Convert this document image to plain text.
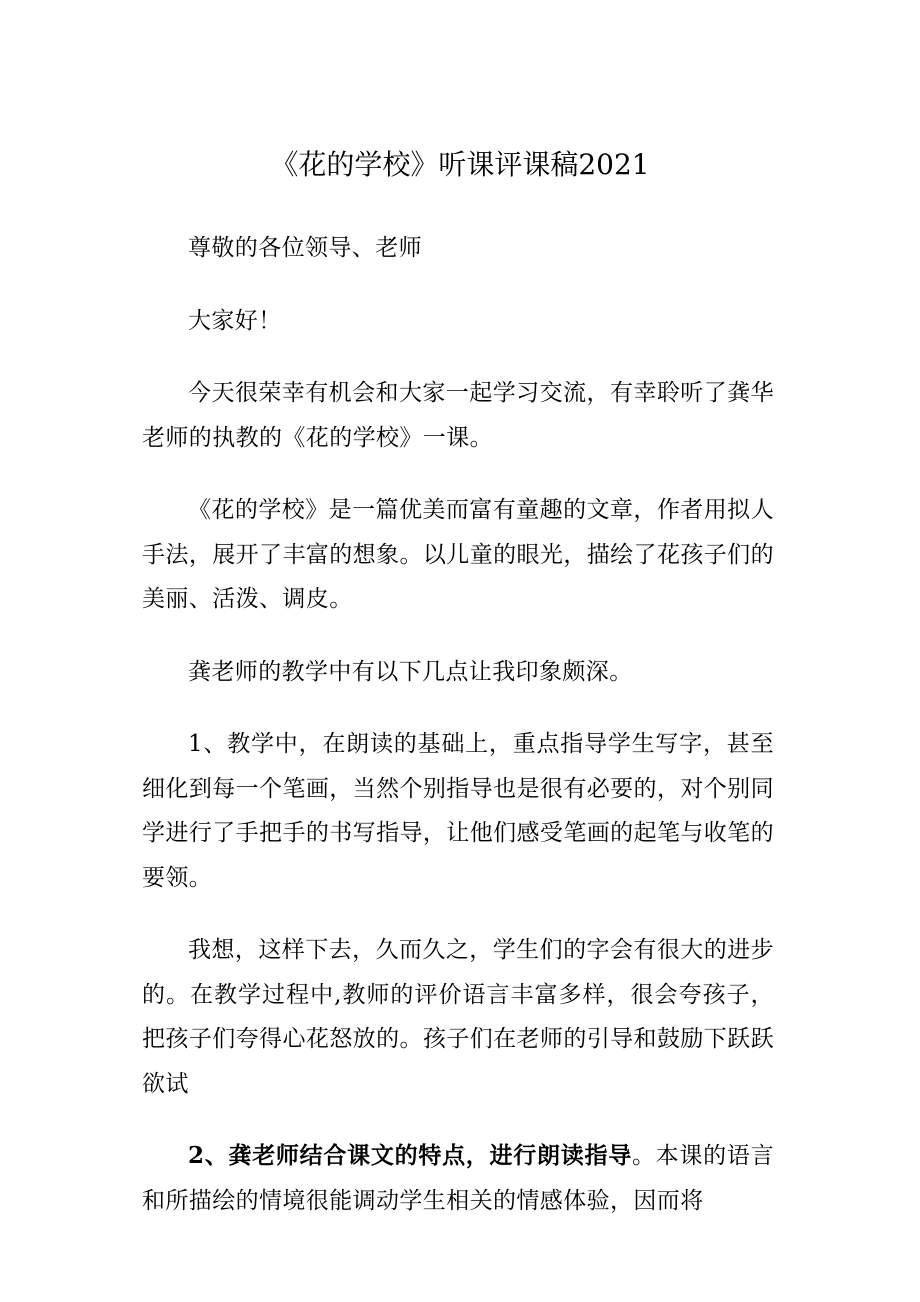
《花的学校》听课评课稿2021

尊敬的各位领导、老师

大家好！

今天很荣幸有机会和大家一起学习交流，有幸聆听了龚华老师的执教的《花的学校》一课。

《花的学校》是一篇优美而富有童趣的文章，作者用拟人手法，展开了丰富的想象。以儿童的眼光，描绘了花孩子们的美丽、活泼、调皮。

龚老师的教学中有以下几点让我印象颇深。

1、教学中，在朗读的基础上，重点指导学生写字，甚至细化到每一个笔画，当然个别指导也是很有必要的，对个别同学进行了手把手的书写指导，让他们感受笔画的起笔与收笔的要领。

我想，这样下去，久而久之，学生们的字会有很大的进步的。在教学过程中,教师的评价语言丰富多样，很会夸孩子，把孩子们夸得心花怒放的。孩子们在老师的引导和鼓励下跃跃欲试

2、龚老师结合课文的特点，进行朗读指导。本课的语言和所描绘的情境很能调动学生相关的情感体验，因而将
